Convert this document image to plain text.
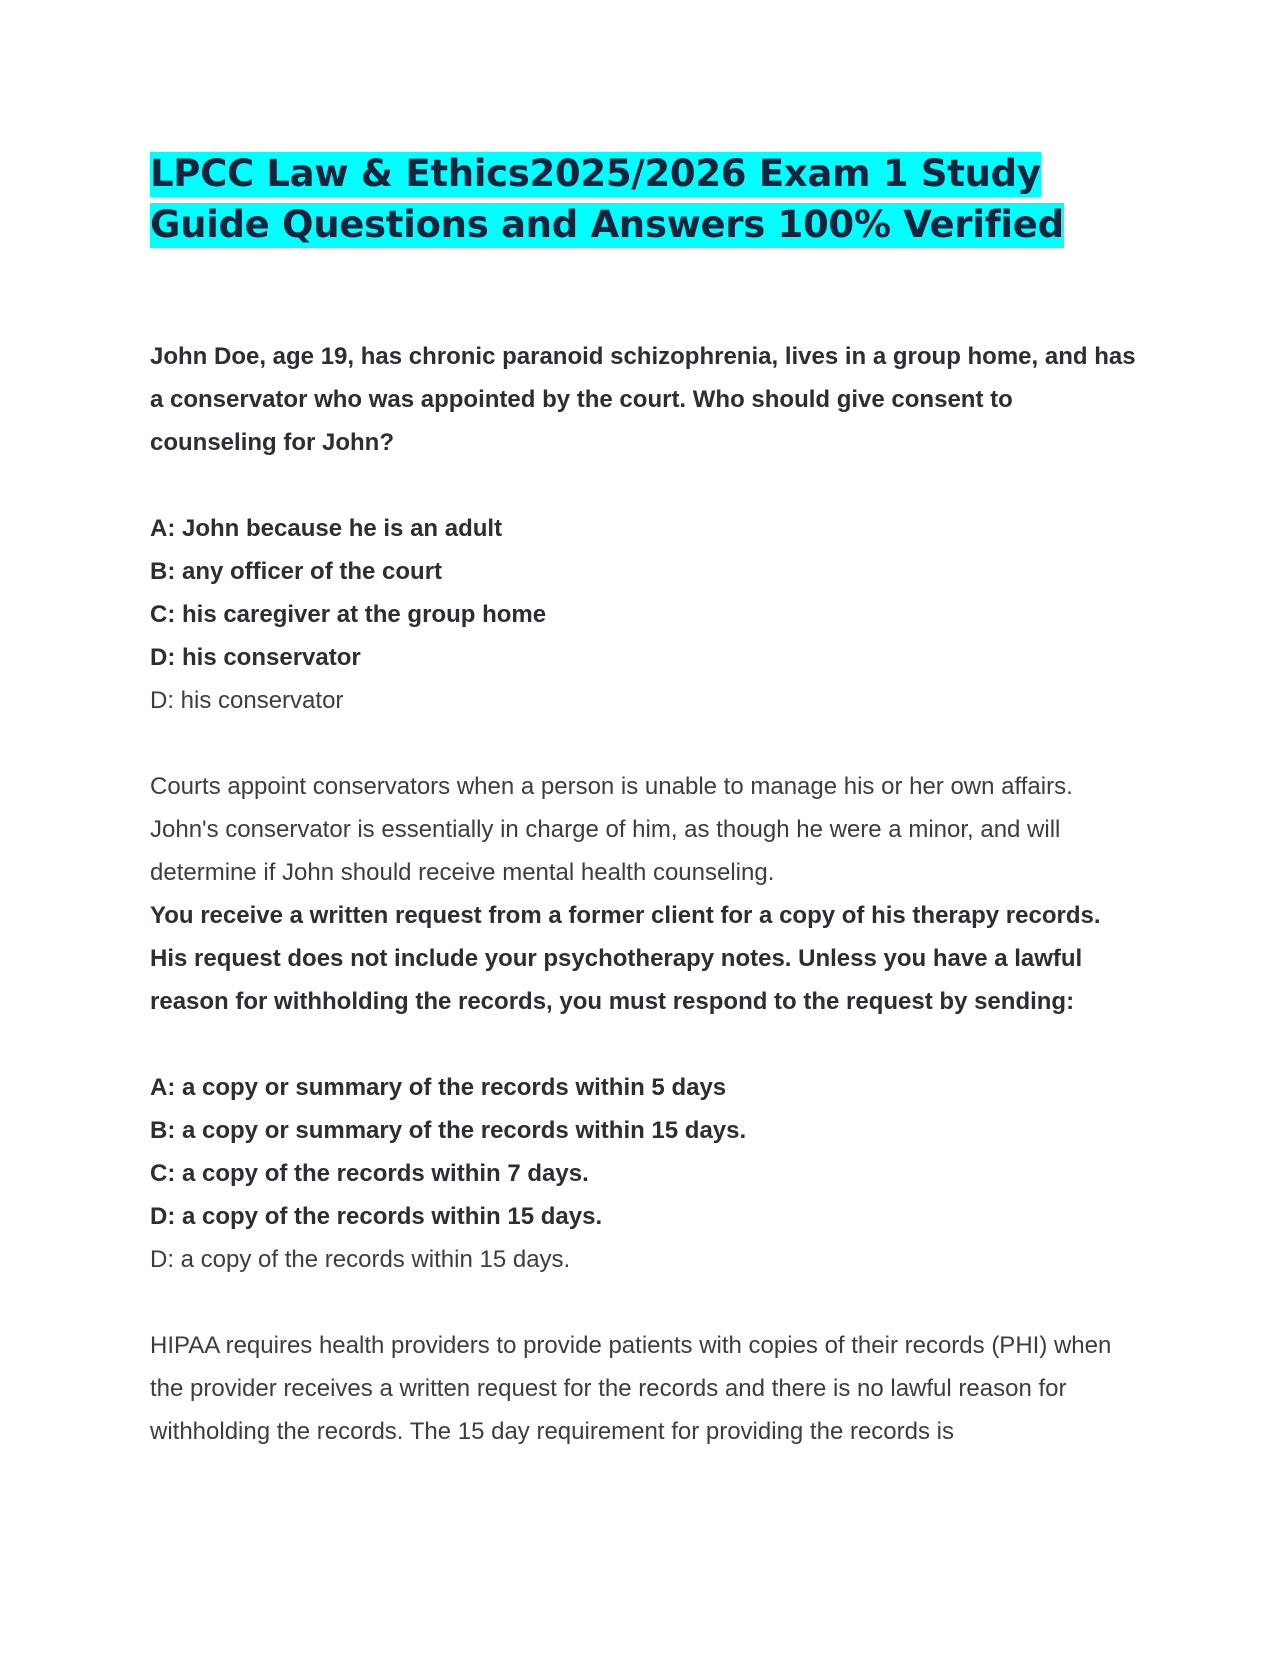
LPCC Law & Ethics2025/2026 Exam 1 Study Guide Questions and Answers 100% Verified

John Doe, age 19, has chronic paranoid schizophrenia, lives in a group home, and has a conservator who was appointed by the court. Who should give consent to counseling for John?

A: John because he is an adult
B: any officer of the court
C: his caregiver at the group home
D: his conservator

D: his conservator

Courts appoint conservators when a person is unable to manage his or her own affairs. John's conservator is essentially in charge of him, as though he were a minor, and will determine if John should receive mental health counseling.

You receive a written request from a former client for a copy of his therapy records. His request does not include your psychotherapy notes. Unless you have a lawful reason for withholding the records, you must respond to the request by sending:

A: a copy or summary of the records within 5 days
B: a copy or summary of the records within 15 days.
C: a copy of the records within 7 days.
D: a copy of the records within 15 days.

D: a copy of the records within 15 days.

HIPAA requires health providers to provide patients with copies of their records (PHI) when the provider receives a written request for the records and there is no lawful reason for withholding the records. The 15 day requirement for providing the records is
